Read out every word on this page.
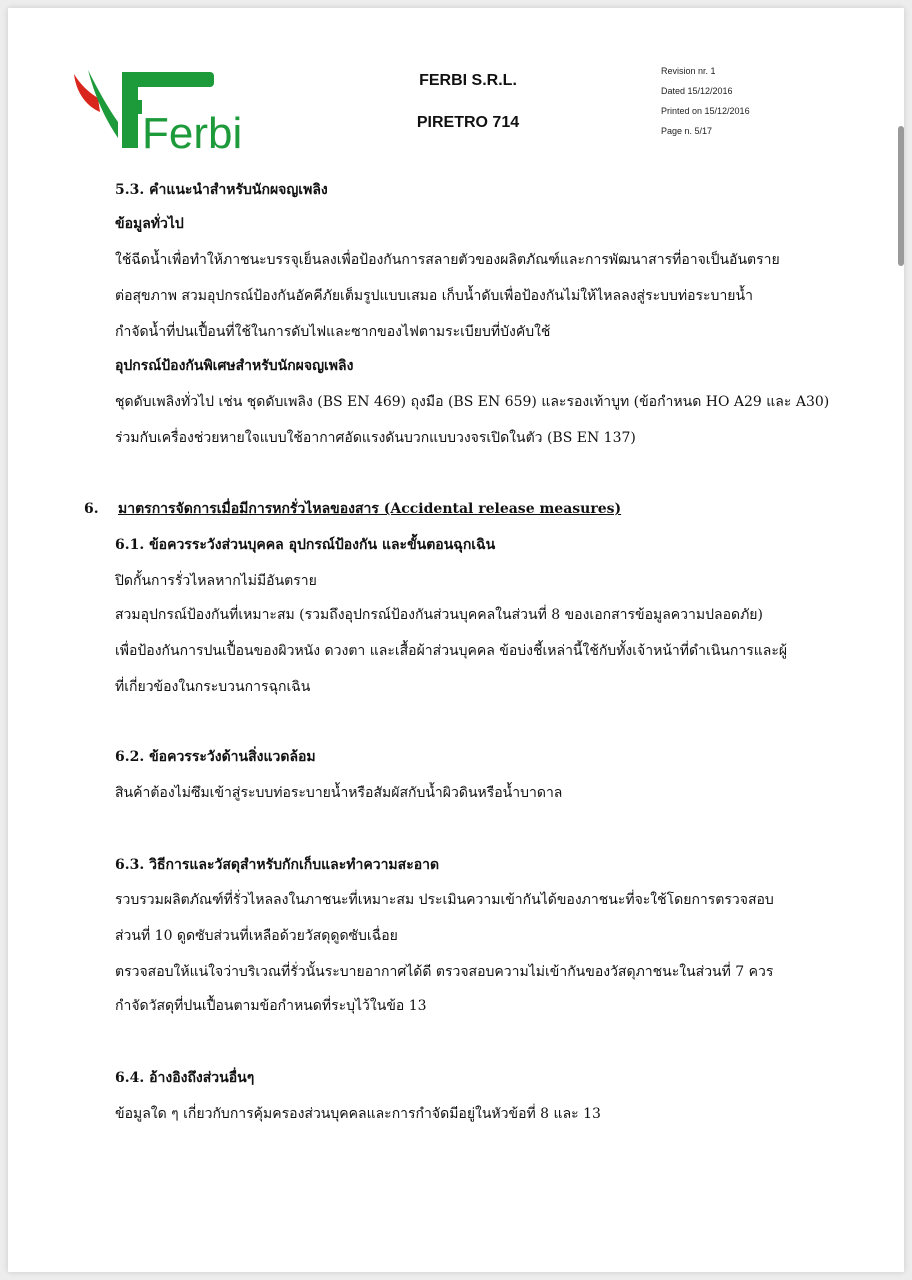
Ferbi
FERBI S.R.L.
PIRETRO 714
Revision nr. 1
Dated 15/12/2016
Printed on 15/12/2016
Page n. 5/17
5.3. คำแนะนำสำหรับนักผจญเพลิง
ข้อมูลทั่วไป
ใช้ฉีดน้ำเพื่อทำให้ภาชนะบรรจุเย็นลงเพื่อป้องกันการสลายตัวของผลิตภัณฑ์และการพัฒนาสารที่อาจเป็นอันตราย
ต่อสุขภาพ สวมอุปกรณ์ป้องกันอัคคีภัยเต็มรูปแบบเสมอ เก็บน้ำดับเพื่อป้องกันไม่ให้ไหลลงสู่ระบบท่อระบายน้ำ
กำจัดน้ำที่ปนเปื้อนที่ใช้ในการดับไฟและซากของไฟตามระเบียบที่บังคับใช้
อุปกรณ์ป้องกันพิเศษสำหรับนักผจญเพลิง
ชุดดับเพลิงทั่วไป เช่น ชุดดับเพลิง (BS EN 469) ถุงมือ (BS EN 659) และรองเท้าบูท (ข้อกำหนด HO A29 และ A30)
ร่วมกับเครื่องช่วยหายใจแบบใช้อากาศอัดแรงดันบวกแบบวงจรเปิดในตัว (BS EN 137)
6. มาตรการจัดการเมื่อมีการหกรั่วไหลของสาร (Accidental release measures)
6.1. ข้อควรระวังส่วนบุคคล อุปกรณ์ป้องกัน และขั้นตอนฉุกเฉิน
ปิดกั้นการรั่วไหลหากไม่มีอันตราย
สวมอุปกรณ์ป้องกันที่เหมาะสม (รวมถึงอุปกรณ์ป้องกันส่วนบุคคลในส่วนที่ 8 ของเอกสารข้อมูลความปลอดภัย)
เพื่อป้องกันการปนเปื้อนของผิวหนัง ดวงตา และเสื้อผ้าส่วนบุคคล ข้อบ่งชี้เหล่านี้ใช้กับทั้งเจ้าหน้าที่ดำเนินการและผู้
ที่เกี่ยวข้องในกระบวนการฉุกเฉิน
6.2. ข้อควรระวังด้านสิ่งแวดล้อม
สินค้าต้องไม่ซึมเข้าสู่ระบบท่อระบายน้ำหรือสัมผัสกับน้ำผิวดินหรือน้ำบาดาล
6.3. วิธีการและวัสดุสำหรับกักเก็บและทำความสะอาด
รวบรวมผลิตภัณฑ์ที่รั่วไหลลงในภาชนะที่เหมาะสม ประเมินความเข้ากันได้ของภาชนะที่จะใช้โดยการตรวจสอบ
ส่วนที่ 10 ดูดซับส่วนที่เหลือด้วยวัสดุดูดซับเฉื่อย
ตรวจสอบให้แน่ใจว่าบริเวณที่รั่วนั้นระบายอากาศได้ดี ตรวจสอบความไม่เข้ากันของวัสดุภาชนะในส่วนที่ 7 ควร
กำจัดวัสดุที่ปนเปื้อนตามข้อกำหนดที่ระบุไว้ในข้อ 13
6.4. อ้างอิงถึงส่วนอื่นๆ
ข้อมูลใด ๆ เกี่ยวกับการคุ้มครองส่วนบุคคลและการกำจัดมีอยู่ในหัวข้อที่ 8 และ 13
